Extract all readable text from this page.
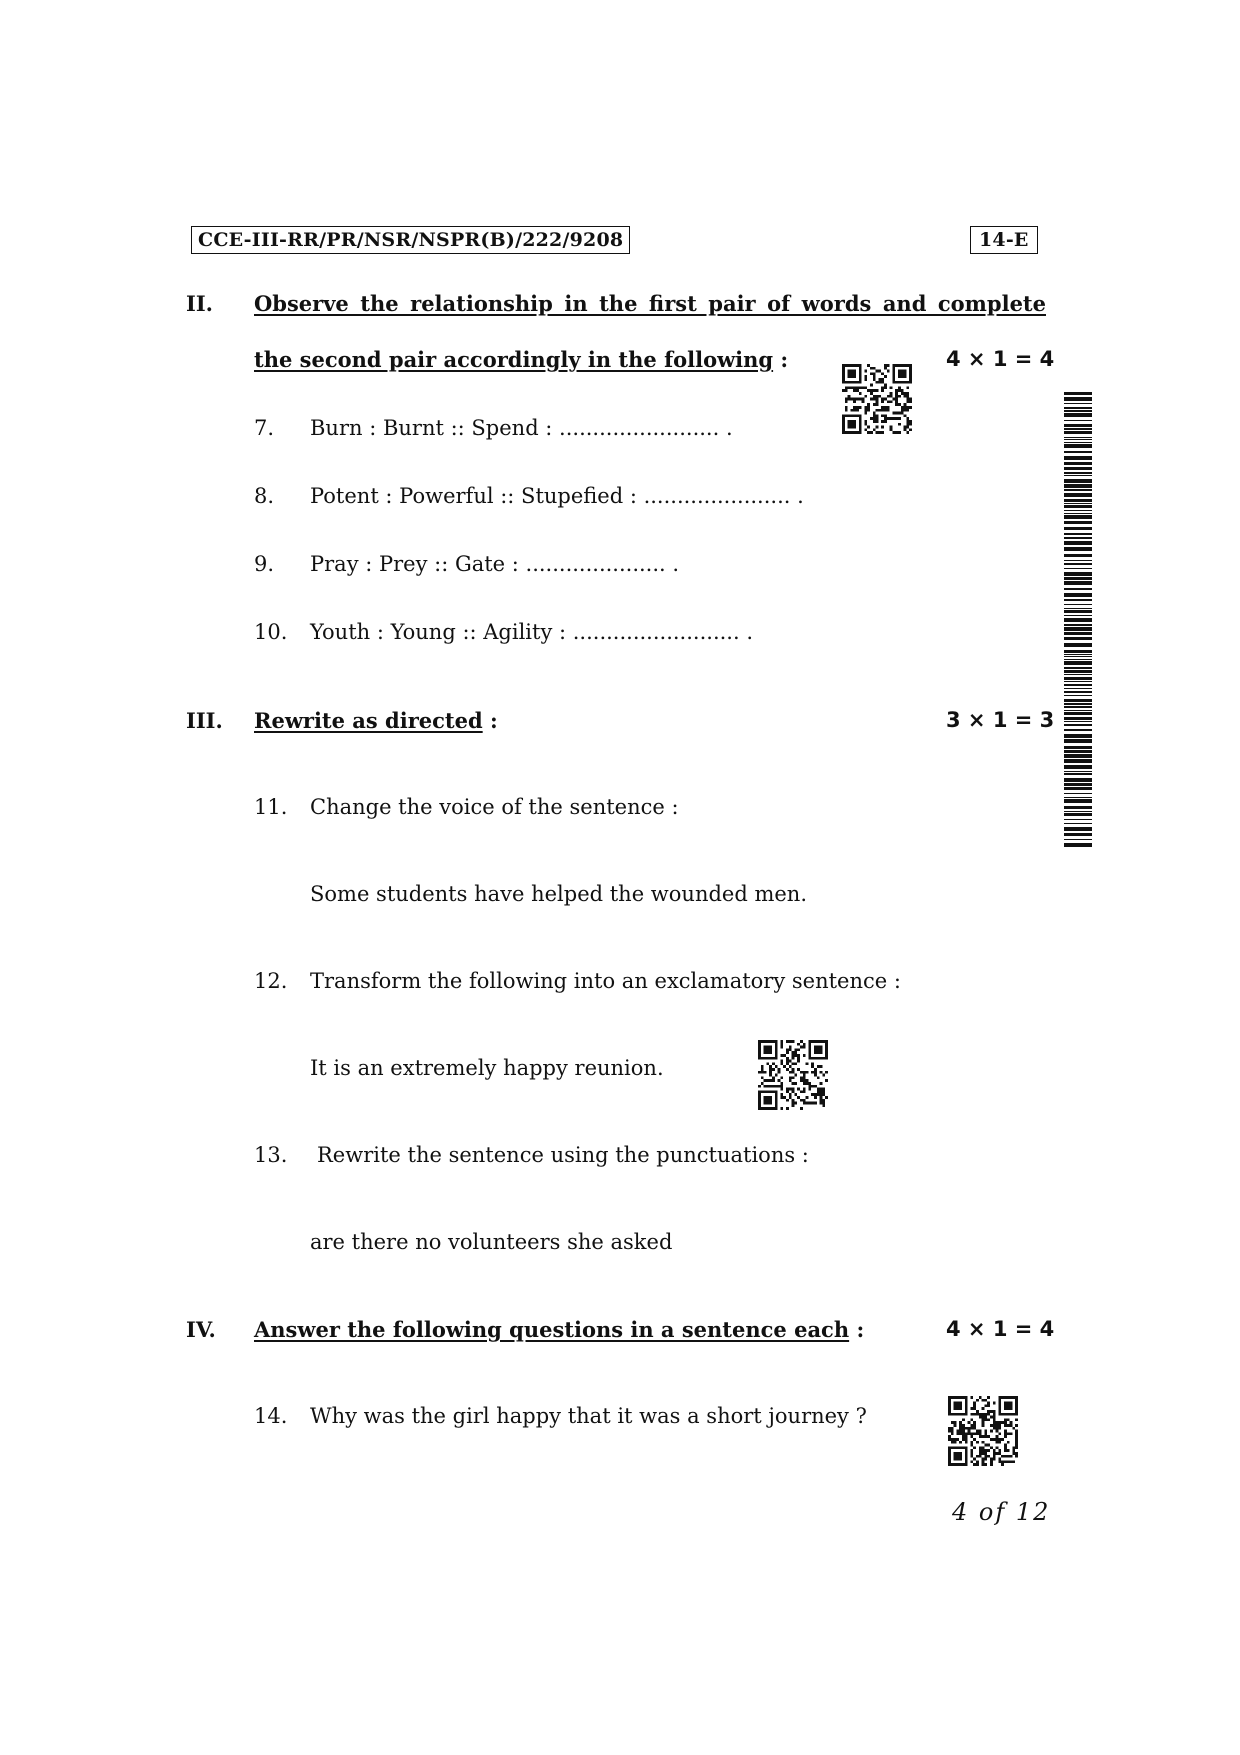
CCE-III-RR/PR/NSR/NSPR(B)/222/9208	14-E
II. Observe the relationship in the first pair of words and complete
the second pair accordingly in the following :	4 × 1 = 4
7. Burn : Burnt :: Spend : ........................ .
8. Potent : Powerful :: Stupefied : ...................... .
9. Pray : Prey :: Gate : ..................... .
10. Youth : Young :: Agility : ......................... .
III. Rewrite as directed :	3 × 1 = 3
11. Change the voice of the sentence :
Some students have helped the wounded men.
12. Transform the following into an exclamatory sentence :
It is an extremely happy reunion.
13. Rewrite the sentence using the punctuations :
are there no volunteers she asked
IV. Answer the following questions in a sentence each :	4 × 1 = 4
14. Why was the girl happy that it was a short journey ?
4 of 12
